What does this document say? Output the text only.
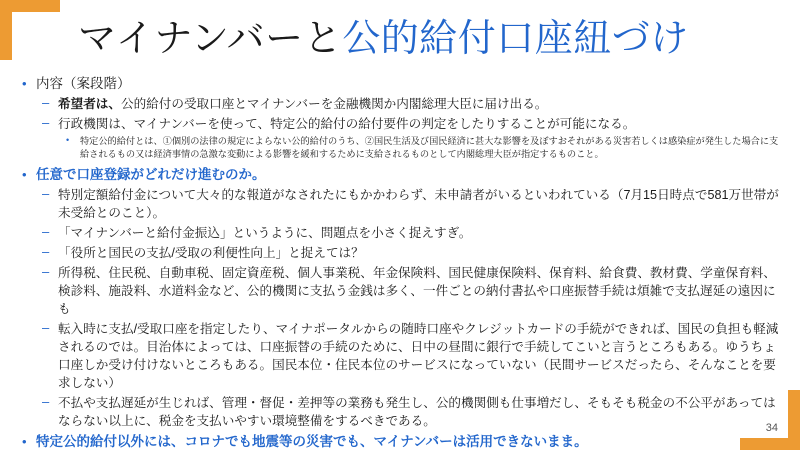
マイナンバーと公的給付口座紐づけ
• 内容（案段階）
– 希望者は、公的給付の受取口座とマイナンバーを金融機関か内閣総理大臣に届け出る。
– 行政機関は、マイナンバーを使って、特定公的給付の給付要件の判定をしたりすることが可能になる。
• 特定公的給付とは、①個別の法律の規定によらない公的給付のうち、②国民生活及び国民経済に甚大な影響を及ぼすおそれがある災害若しくは感染症が発生した場合に支給されるもの又は経済事情の急激な変動による影響を緩和するために支給されるものとして内閣総理大臣が指定するものこと。
• 任意で口座登録がどれだけ進むのか。
– 特別定額給付金について大々的な報道がなされたにもかかわらず、未申請者がいるといわれている（7月15日時点で581万世帯が未受給とのこと）。
– 「マイナンバーと給付金振込」というように、問題点を小さく捉えすぎ。
– 「役所と国民の支払/受取の利便性向上」と捉えては？
– 所得税、住民税、自動車税、固定資産税、個人事業税、年金保険料、国民健康保険料、保育料、給食費、教材費、学童保育料、検診料、施設料、水道料金など、公的機関に支払う金銭は多く、一件ごとの納付書払や口座振替手続は煩雑で支払遅延の遠因にも
– 転入時に支払/受取口座を指定したり、マイナポータルからの随時口座やクレジットカードの手続ができれば、国民の負担も軽減されるのでは。目治体によっては、口座振替の手続のために、日中の昼間に銀行で手続してこいと言うところもある。ゆうちょ口座しか受け付けないところもある。国民本位・住民本位のサービスになっていない（民間サービスだったら、そんなことを要求しない）
– 不払や支払遅延が生じれば、管理・督促・差押等の業務も発生し、公的機関側も仕事増だし、そもそも税金の不公平があってはならない以上に、税金を支払いやすい環境整備をするべきである。
• 特定公的給付以外には、コロナでも地震等の災害でも、マイナンバーは活用できないまま。
34
